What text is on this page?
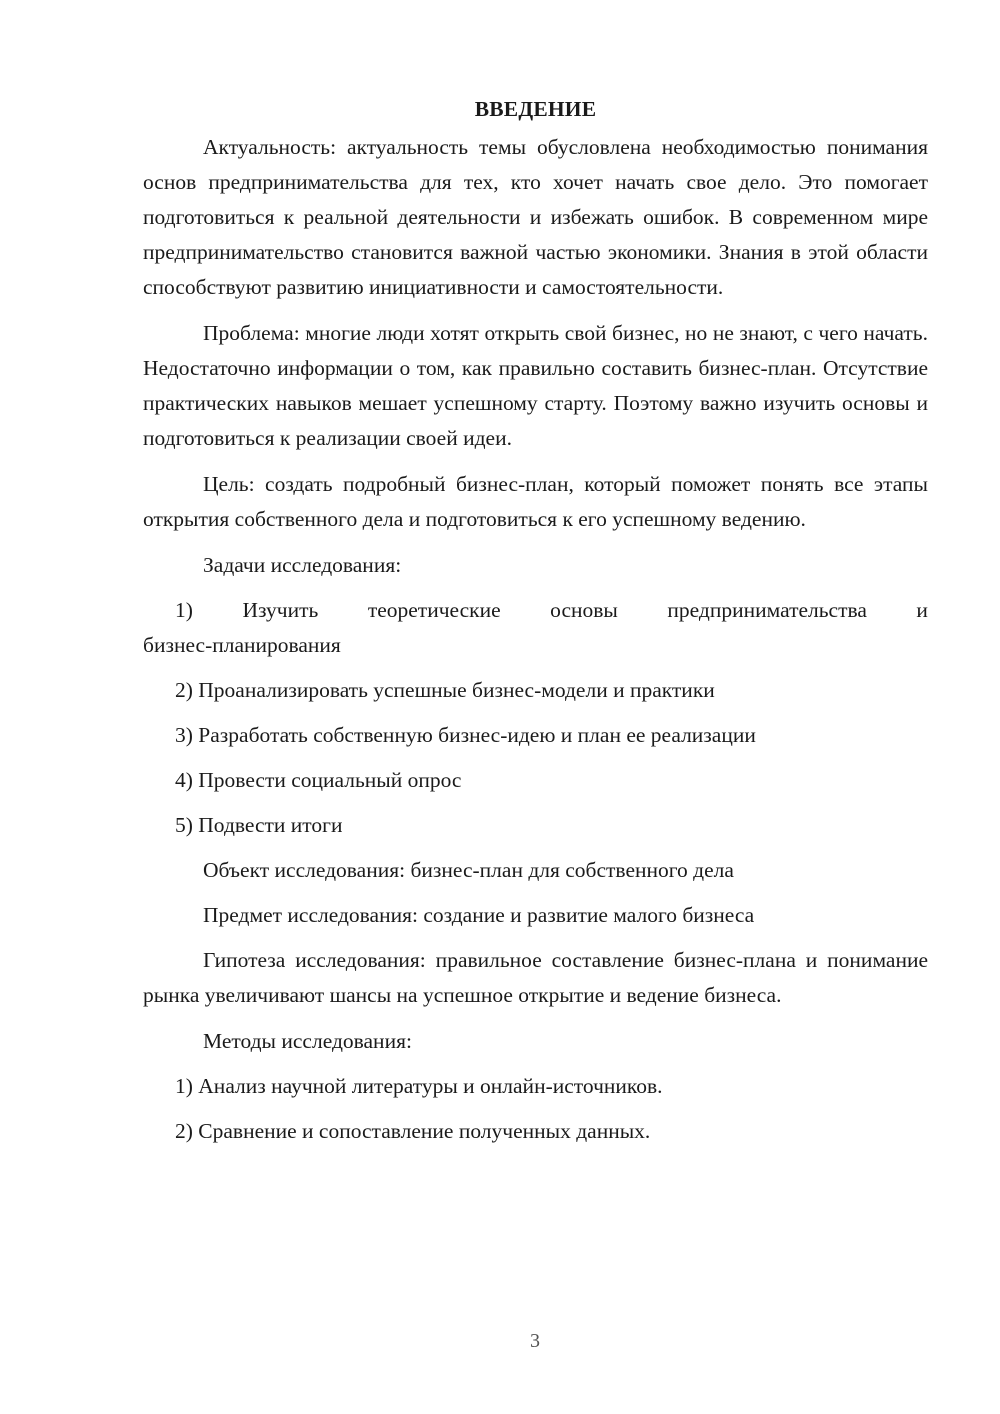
ВВЕДЕНИЕ

Актуальность: актуальность темы обусловлена необходимостью понимания основ предпринимательства для тех, кто хочет начать свое дело. Это помогает подготовиться к реальной деятельности и избежать ошибок. В современном мире предпринимательство становится важной частью экономики. Знания в этой области способствуют развитию инициативности и самостоятельности.

Проблема: многие люди хотят открыть свой бизнес, но не знают, с чего начать. Недостаточно информации о том, как правильно составить бизнес-план. Отсутствие практических навыков мешает успешному старту. Поэтому важно изучить основы и подготовиться к реализации своей идеи.

Цель: создать подробный бизнес-план, который поможет понять все этапы открытия собственного дела и подготовиться к его успешному ведению.

Задачи исследования:
1) Изучить теоретические основы предпринимательства и
бизнес-планирования
2) Проанализировать успешные бизнес-модели и практики
3) Разработать собственную бизнес-идею и план ее реализации
4) Провести социальный опрос
5) Подвести итоги
Объект исследования: бизнес-план для собственного дела
Предмет исследования: создание и развитие малого бизнеса

Гипотеза исследования: правильное составление бизнес-плана и понимание рынка увеличивают шансы на успешное открытие и ведение бизнеса.

Методы исследования:
1) Анализ научной литературы и онлайн-источников.
2) Сравнение и сопоставление полученных данных.
3
